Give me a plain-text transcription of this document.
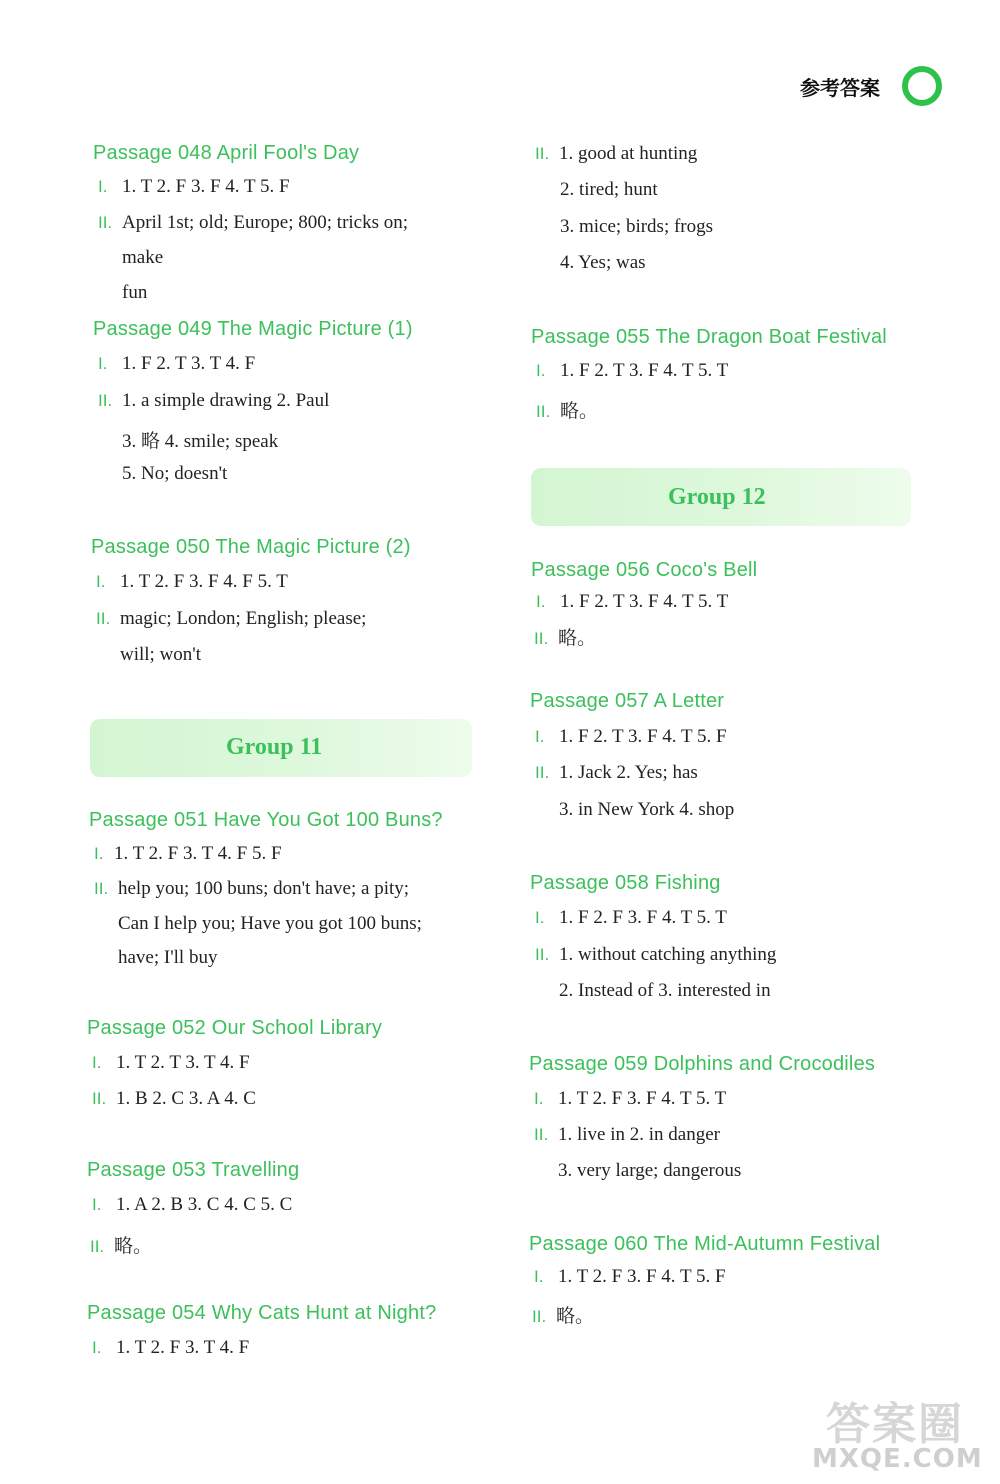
参考答案
Passage 048 April Fool's Day
I. 1. T 2. F 3. F 4. T 5. F
II. April 1st; old; Europe; 800; tricks on;
make
fun
Passage 049 The Magic Picture (1)
I. 1. F 2. T 3. T 4. F
II. 1. a simple drawing 2. Paul
3. 略 4. smile; speak
5. No; doesn't
Passage 050 The Magic Picture (2)
I. 1. T 2. F 3. F 4. F 5. T
II. magic; London; English; please;
will; won't
Group 11
Passage 051 Have You Got 100 Buns?
I. 1. T 2. F 3. T 4. F 5. F
II. help you; 100 buns; don't have; a pity;
Can I help you; Have you got 100 buns;
have; I'll buy
Passage 052 Our School Library
I. 1. T 2. T 3. T 4. F
II. 1. B 2. C 3. A 4. C
Passage 053 Travelling
I. 1. A 2. B 3. C 4. C 5. C
II. 略。
Passage 054 Why Cats Hunt at Night?
I. 1. T 2. F 3. T 4. F
II. 1. good at hunting
2. tired; hunt
3. mice; birds; frogs
4. Yes; was
Passage 055 The Dragon Boat Festival
I. 1. F 2. T 3. F 4. T 5. T
II. 略。
Group 12
Passage 056 Coco's Bell
I. 1. F 2. T 3. F 4. T 5. T
II. 略。
Passage 057 A Letter
I. 1. F 2. T 3. F 4. T 5. F
II. 1. Jack 2. Yes; has
3. in New York 4. shop
Passage 058 Fishing
I. 1. F 2. F 3. F 4. T 5. T
II. 1. without catching anything
2. Instead of 3. interested in
Passage 059 Dolphins and Crocodiles
I. 1. T 2. F 3. F 4. T 5. T
II. 1. live in 2. in danger
3. very large; dangerous
Passage 060 The Mid-Autumn Festival
I. 1. T 2. F 3. F 4. T 5. F
II. 略。
答案圈
MXQE.COM
